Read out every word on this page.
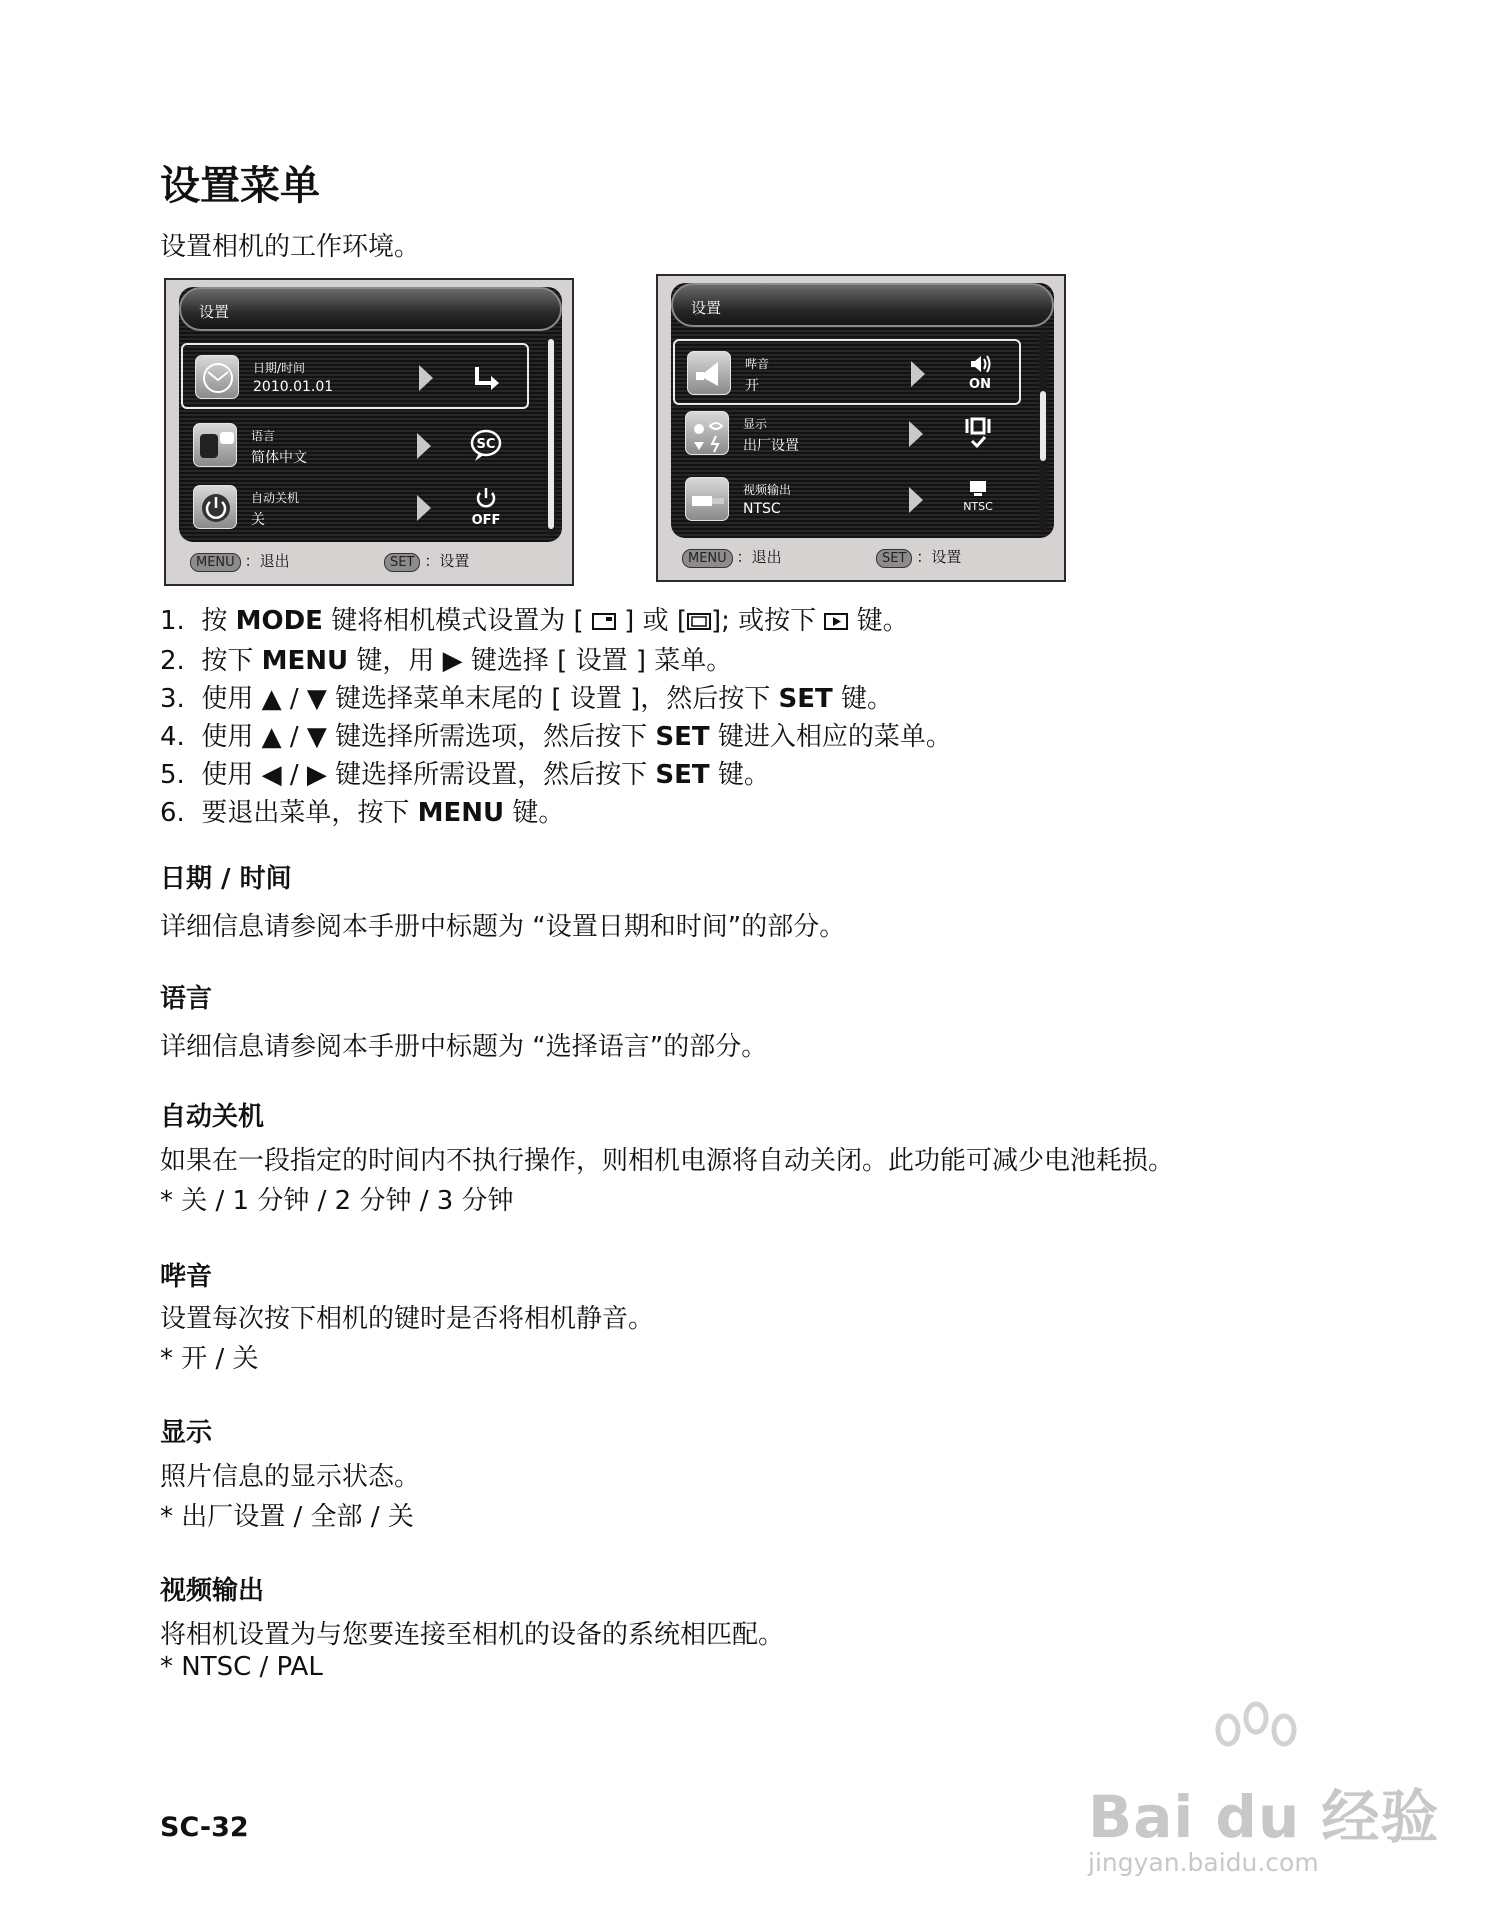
设置菜单
设置相机的工作环境。
设置
日期/时间
2010.01.01
语言
简体中文
SC
自动关机
关	OFF
MENU ：退出	SET ：设置
设置
哔音
开	ON
显示
出厂设置
视频输出
NTSC	NTSC
MENU ：退出	SET ：设置
1. 按 MODE 键将相机模式设置为 [  ] 或 [ ]; 或按下  键。
2. 按下 MENU 键，用 ▶ 键选择 [ 设置 ] 菜单。
3. 使用 ▲ / ▼ 键选择菜单末尾的 [ 设置 ]，然后按下 SET 键。
4. 使用 ▲ / ▼ 键选择所需选项，然后按下 SET 键进入相应的菜单。
5. 使用 ◀ / ▶ 键选择所需设置，然后按下 SET 键。
6. 要退出菜单，按下 MENU 键。
日期 / 时间
详细信息请参阅本手册中标题为 “设置日期和时间”的部分。
语言
详细信息请参阅本手册中标题为 “选择语言”的部分。
自动关机
如果在一段指定的时间内不执行操作，则相机电源将自动关闭。此功能可减少电池耗损。
* 关 / 1 分钟 / 2 分钟 / 3 分钟
哔音
设置每次按下相机的键时是否将相机静音。
* 开 / 关
显示
照片信息的显示状态。
* 出厂设置 / 全部 / 关
视频输出
将相机设置为与您要连接至相机的设备的系统相匹配。
* NTSC / PAL
SC-32	Bai du 经验
jingyan.baidu.com
